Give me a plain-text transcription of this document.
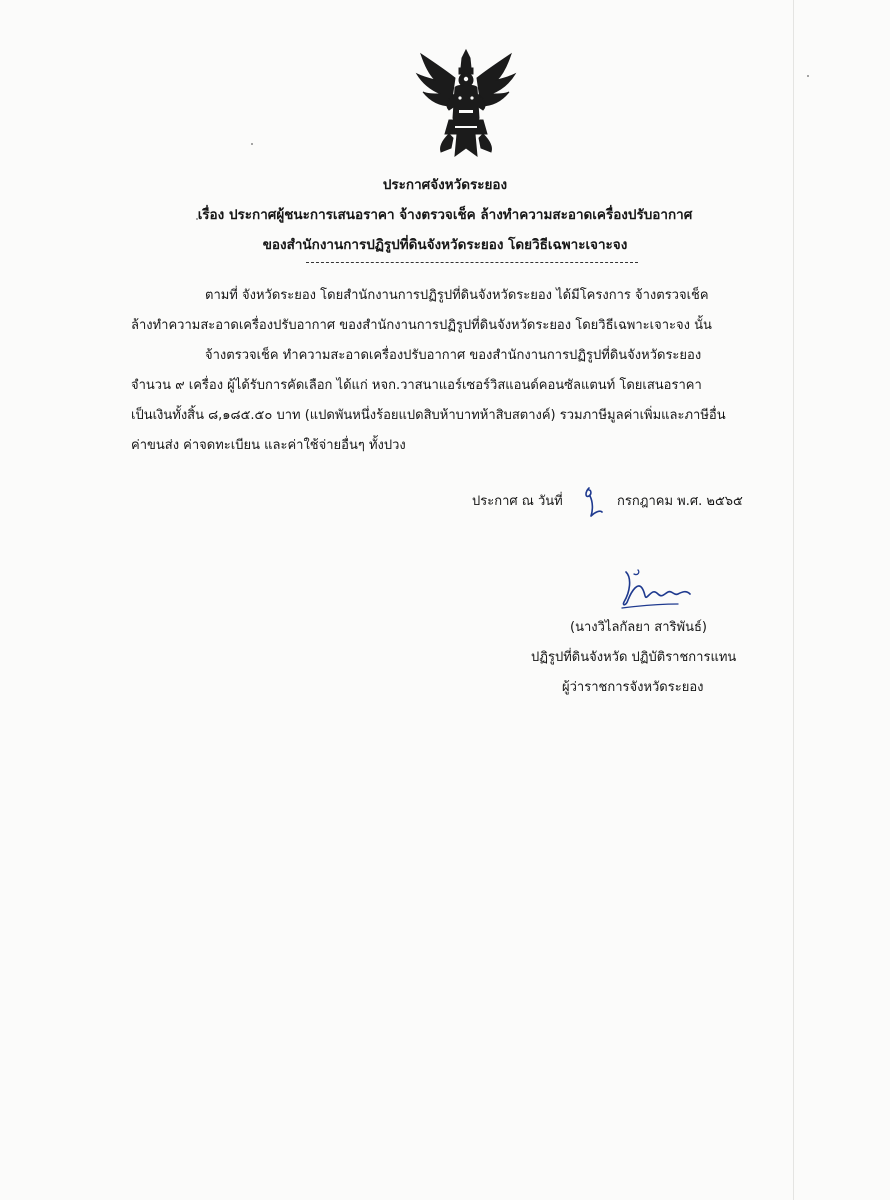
ประกาศจังหวัดระยอง
เรื่อง ประกาศผู้ชนะการเสนอราคา จ้างตรวจเช็ค ล้างทำความสะอาดเครื่องปรับอากาศ
ของสำนักงานการปฏิรูปที่ดินจังหวัดระยอง โดยวิธีเฉพาะเจาะจง
ตามที่ จังหวัดระยอง โดยสำนักงานการปฏิรูปที่ดินจังหวัดระยอง ได้มีโครงการ จ้างตรวจเช็ค
ล้างทำความสะอาดเครื่องปรับอากาศ ของสำนักงานการปฏิรูปที่ดินจังหวัดระยอง โดยวิธีเฉพาะเจาะจง นั้น
จ้างตรวจเช็ค ทำความสะอาดเครื่องปรับอากาศ ของสำนักงานการปฏิรูปที่ดินจังหวัดระยอง
จำนวน ๙ เครื่อง ผู้ได้รับการคัดเลือก ได้แก่ หจก.วาสนาแอร์เซอร์วิสแอนด์คอนซัลแตนท์ โดยเสนอราคา
เป็นเงินทั้งสิ้น ๘,๑๘๕.๕๐ บาท (แปดพันหนึ่งร้อยแปดสิบห้าบาทห้าสิบสตางค์) รวมภาษีมูลค่าเพิ่มและภาษีอื่น
ค่าขนส่ง ค่าจดทะเบียน และค่าใช้จ่ายอื่นๆ ทั้งปวง
ประกาศ ณ วันที่	กรกฎาคม พ.ศ. ๒๕๖๕
(นางวิไลกัลยา สาริพันธ์)
ปฏิรูปที่ดินจังหวัด ปฏิบัติราชการแทน
ผู้ว่าราชการจังหวัดระยอง
